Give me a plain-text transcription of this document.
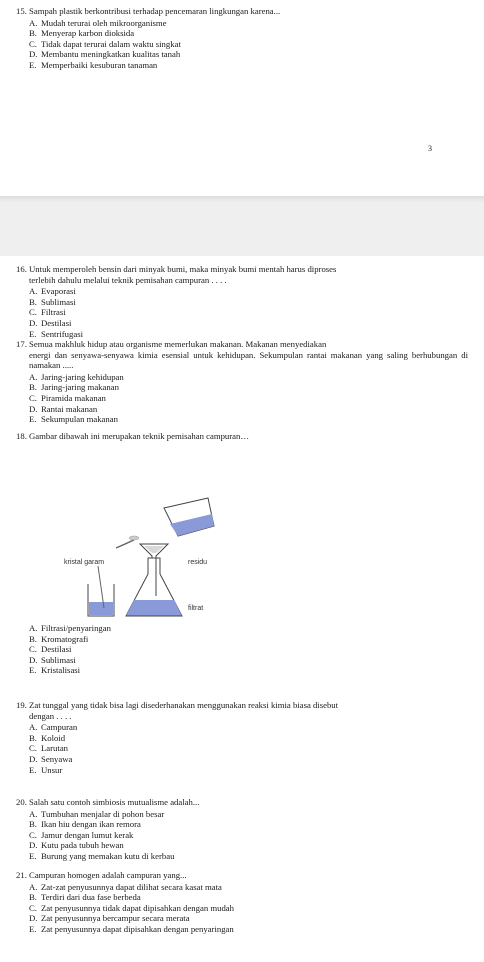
15. Sampah plastik berkontribusi terhadap pencemaran lingkungan karena...
A. Mudah terurai oleh mikroorganisme
B. Menyerap karbon dioksida
C. Tidak dapat terurai dalam waktu singkat
D. Membantu meningkatkan kualitas tanah
E. Memperbaiki kesuburan tanaman
3
16. Untuk memperoleh bensin dari minyak bumi, maka minyak bumi mentah harus diproses
terlebih dahulu melalui teknik pemisahan campuran . . . .
A. Evaporasi
B. Sublimasi
C. Filtrasi
D. Destilasi
E. Sentrifugasi
17. Semua makhluk hidup atau organisme memerlukan makanan. Makanan menyediakan
energi dan senyawa-senyawa kimia esensial untuk kehidupan. Sekumpulan rantai makanan yang saling berhubungan di namakan .....
A. Jaring-jaring kehidupan
B. Jaring-jaring makanan
C. Piramida makanan
D. Rantai makanan
E. Sekumpulan makanan
18. Gambar dibawah ini merupakan teknik pemisahan campuran…
kristal garam	residu
filtrat
A. Filtrasi/penyaringan
B. Kromatografi
C. Destilasi
D. Sublimasi
E. Kristalisasi
19. Zat tunggal yang tidak bisa lagi disederhanakan menggunakan reaksi kimia biasa disebut
dengan . . . .
A. Campuran
B. Koloid
C. Larutan
D. Senyawa
E. Unsur
20. Salah satu contoh simbiosis mutualisme adalah...
A. Tumbuhan menjalar di pohon besar
B. Ikan hiu dengan ikan remora
C. Jamur dengan lumut kerak
D. Kutu pada tubuh hewan
E. Burung yang memakan kutu di kerbau
21. Campuran homogen adalah campuran yang...
A. Zat-zat penyusunnya dapat dilihat secara kasat mata
B. Terdiri dari dua fase berbeda
C. Zat penyusunnya tidak dapat dipisahkan dengan mudah
D. Zat penyusunnya bercampur secara merata
E. Zat penyusunnya dapat dipisahkan dengan penyaringan
